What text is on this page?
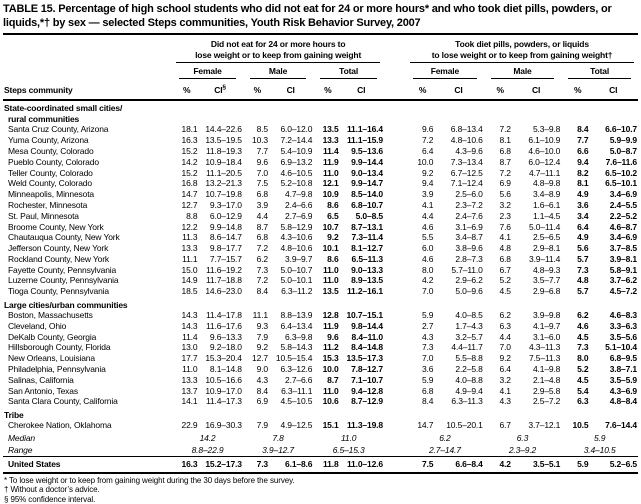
TABLE 15. Percentage of high school students who did not eat for 24 or more hours* and who took diet pills, powders, or liquids,*† by sex — selected Steps communities, Youth Risk Behavior Survey, 2007

Did not eat for 24 or more hours to
lose weight or to keep from gaining weight

Took diet pills, powders, or liquids
to lose weight or to keep from gaining weight†

	Female		Male		Total			Female		Male		Total	

Steps community	%	CI§	%	CI	%	CI		%	CI	%	CI	%	CI

State-coordinated small cities/
rural communities													

Santa Cruz County, Arizona	18.1	14.4–22.6	8.5	6.0–12.0	13.5	11.1–16.4		9.6	6.8–13.4	7.2	5.3–9.8	8.4	6.6–10.7
Yuma County, Arizona	16.3	13.5–19.5	10.3	7.2–14.4	13.3	11.1–15.9		7.2	4.8–10.6	8.1	6.1–10.9	7.7	5.9–9.9
Mesa County, Colorado	15.2	11.8–19.3	7.7	5.4–10.9	11.4	9.5–13.6		6.4	4.3–9.6	6.8	4.6–10.0	6.6	5.0–8.7
Pueblo County, Colorado	14.2	10.9–18.4	9.6	6.9–13.2	11.9	9.9–14.4		10.0	7.3–13.4	8.7	6.0–12.4	9.4	7.6–11.6
Teller County, Colorado	15.2	11.1–20.5	7.0	4.6–10.5	11.0	9.0–13.4		9.2	6.7–12.5	7.2	4.7–11.1	8.2	6.5–10.2
Weld County, Colorado	16.8	13.2–21.3	7.5	5.2–10.8	12.1	9.9–14.7		9.4	7.1–12.4	6.9	4.8–9.8	8.1	6.5–10.1
Minneapolis, Minnesota	14.7	10.7–19.8	6.8	4.7–9.8	10.9	8.5–14.0		3.9	2.5–6.0	5.6	3.4–8.9	4.9	3.4–6.9
Rochester, Minnesota	12.7	9.3–17.0	3.9	2.4–6.6	8.6	6.8–10.7		4.1	2.3–7.2	3.2	1.6–6.1	3.6	2.4–5.5
St. Paul, Minnesota	8.8	6.0–12.9	4.4	2.7–6.9	6.5	5.0–8.5		4.4	2.4–7.6	2.3	1.1–4.5	3.4	2.2–5.2
Broome County, New York	12.2	9.9–14.8	8.7	5.8–12.9	10.7	8.7–13.1		4.6	3.1–6.9	7.6	5.0–11.4	6.4	4.6–8.7
Chautauqua County, New York	11.3	8.6–14.7	6.8	4.3–10.6	9.2	7.3–11.4		5.5	3.4–8.7	4.1	2.5–6.5	4.9	3.4–6.9
Jefferson County, New York	13.3	9.8–17.7	7.2	4.8–10.6	10.1	8.1–12.7		6.0	3.8–9.6	4.8	2.9–8.1	5.6	3.7–8.5
Rockland County, New York	11.1	7.7–15.7	6.2	3.9–9.7	8.6	6.5–11.3		4.6	2.8–7.3	6.8	3.9–11.4	5.7	3.9–8.1
Fayette County, Pennsylvania	15.0	11.6–19.2	7.3	5.0–10.7	11.0	9.0–13.3		8.0	5.7–11.0	6.7	4.8–9.3	7.3	5.8–9.1
Luzerne County, Pennsylvania	14.9	11.7–18.8	7.2	5.0–10.1	11.0	8.9–13.5		4.2	2.9–6.2	5.2	3.5–7.7	4.8	3.7–6.2
Tioga County, Pennsylvania	18.5	14.6–23.0	8.4	6.3–11.2	13.5	11.2–16.1		7.0	5.0–9.6	4.5	2.9–6.8	5.7	4.5–7.2

Large cities/urban communities													

Boston, Massachusetts	14.3	11.4–17.8	11.1	8.8–13.9	12.8	10.7–15.1		5.9	4.0–8.5	6.2	3.9–9.8	6.2	4.6–8.3
Cleveland, Ohio	14.3	11.6–17.6	9.3	6.4–13.4	11.9	9.8–14.4		2.7	1.7–4.3	6.3	4.1–9.7	4.6	3.3–6.3
DeKalb County, Georgia	11.4	9.6–13.3	7.9	6.3–9.8	9.6	8.4–11.0		4.3	3.2–5.7	4.4	3.1–6.0	4.5	3.5–5.6
Hillsborough County, Florida	13.0	9.2–18.0	9.2	5.8–14.3	11.2	8.4–14.8		7.3	4.4–11.7	7.0	4.3–11.3	7.3	5.1–10.4
New Orleans, Louisiana	17.7	15.3–20.4	12.7	10.5–15.4	15.3	13.5–17.3		7.0	5.5–8.8	9.2	7.5–11.3	8.0	6.8–9.5
Philadelphia, Pennsylvania	11.0	8.1–14.8	9.0	6.3–12.6	10.0	7.8–12.7		3.6	2.2–5.8	6.4	4.1–9.8	5.2	3.8–7.1
Salinas, California	13.3	10.5–16.6	4.3	2.7–6.6	8.7	7.1–10.7		5.9	4.0–8.8	3.2	2.1–4.8	4.5	3.5–5.9
San Antonio, Texas	13.7	10.9–17.0	8.4	6.3–11.1	11.0	9.4–12.8		6.8	4.9–9.4	4.1	2.9–5.8	5.4	4.3–6.9
Santa Clara County, California	14.1	11.4–17.3	6.9	4.5–10.5	10.6	8.7–12.9		8.4	6.3–11.3	4.3	2.5–7.2	6.3	4.8–8.4

Tribe													

Cherokee Nation, Oklahoma	22.9	16.9–30.3	7.9	4.9–12.5	15.1	11.3–19.8		14.7	10.5–20.1	6.7	3.7–12.1	10.5	7.6–14.4
Median	14.2		7.8		11.0			6.2		6.3		5.9	
Range	8.8–22.9		3.9–12.7		6.5–15.3			2.7–14.7		2.3–9.2		3.4–10.5	
United States	16.3	15.2–17.3	7.3	6.1–8.6	11.8	11.0–12.6		7.5	6.6–8.4	4.2	3.5–5.1	5.9	5.2–6.5
* To lose weight or to keep from gaining weight during the 30 days before the survey.
† Without a doctor’s advice.
§ 95% confidence interval.
